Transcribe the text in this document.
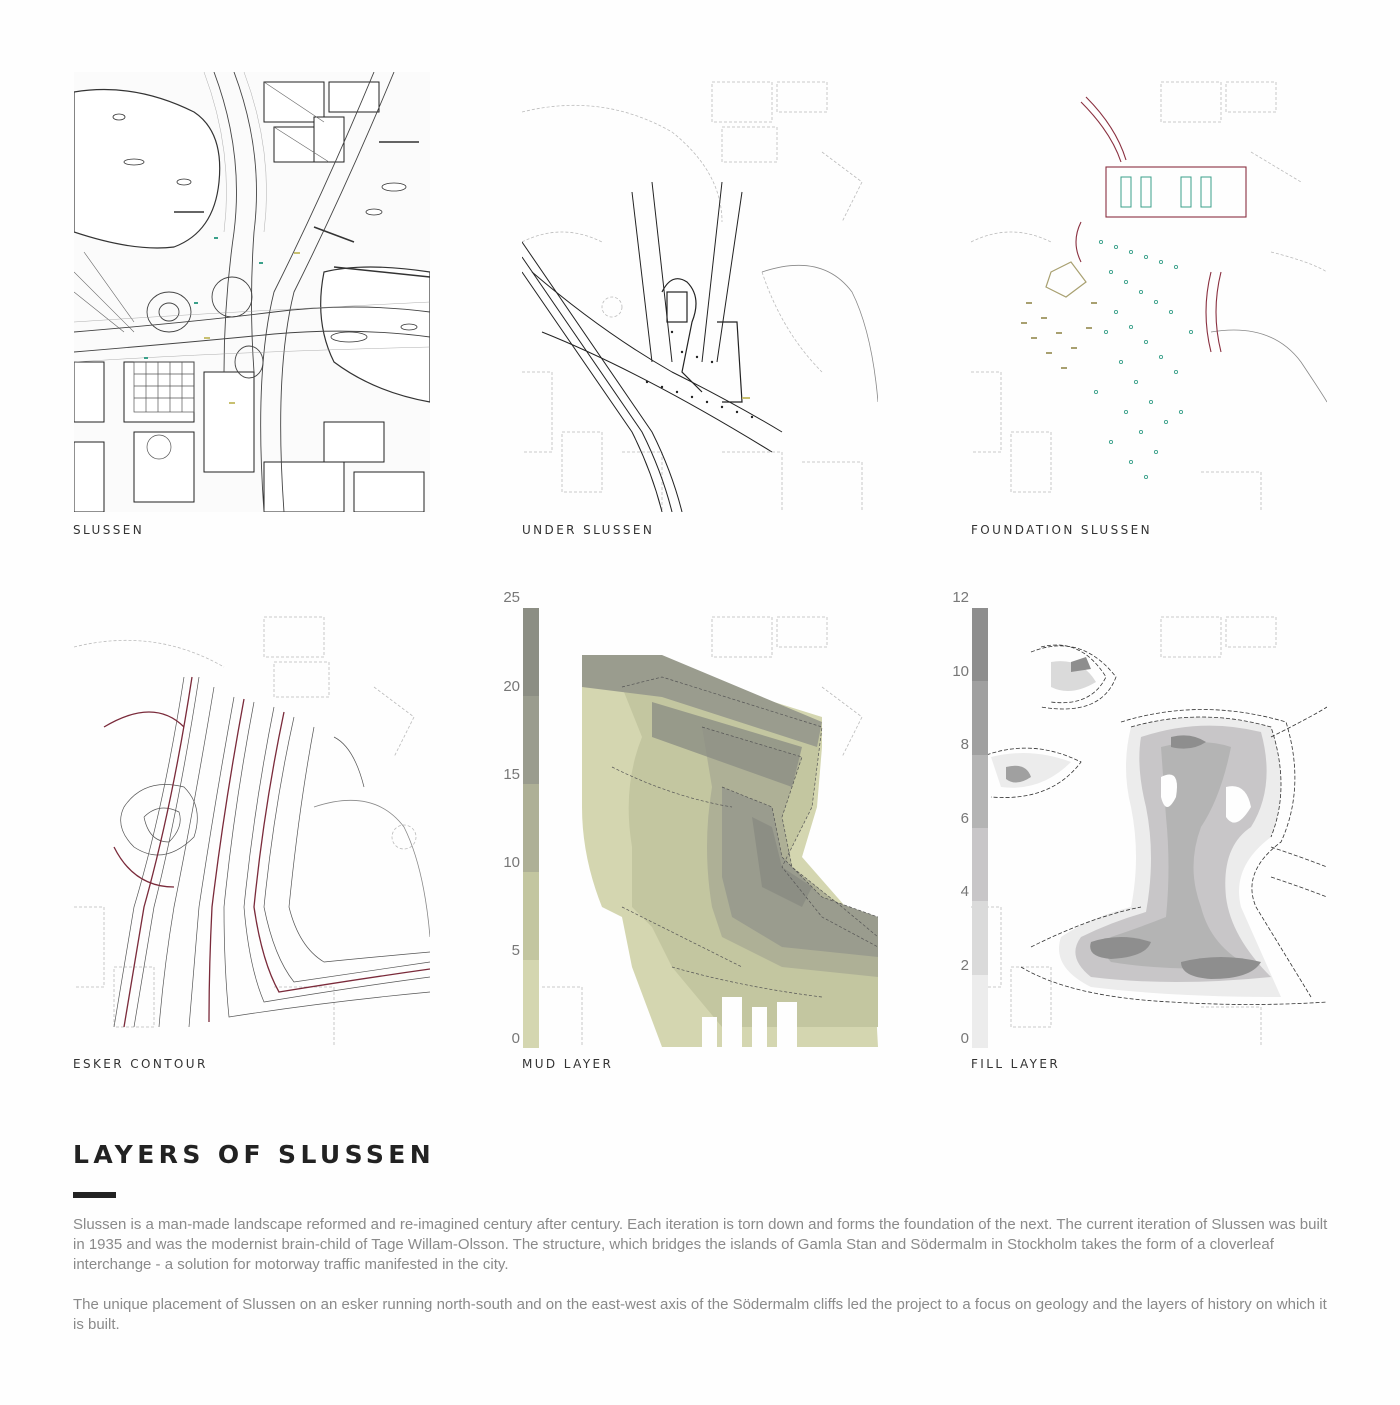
SLUSSEN	UNDER SLUSSEN	FOUNDATION SLUSSEN
ESKER CONTOUR
25
20
15
10
5
0
MUD LAYER
12
10
8
6
4
2
0
FILL LAYER
LAYERS OF SLUSSEN
Slussen is a man-made landscape reformed and re-imagined century after century. Each iteration is torn down and forms the foundation of the next. The current iteration of Slussen was built in 1935 and was the modernist brain-child of Tage Willam-Olsson. The structure, which bridges the islands of Gamla Stan and Södermalm in Stockholm takes the form of a cloverleaf interchange - a solution for motorway traffic manifested in the city.
The unique placement of Slussen on an esker running north-south and on the east-west axis of the Södermalm cliffs led the project to a focus on geology and the layers of history on which it is built.
